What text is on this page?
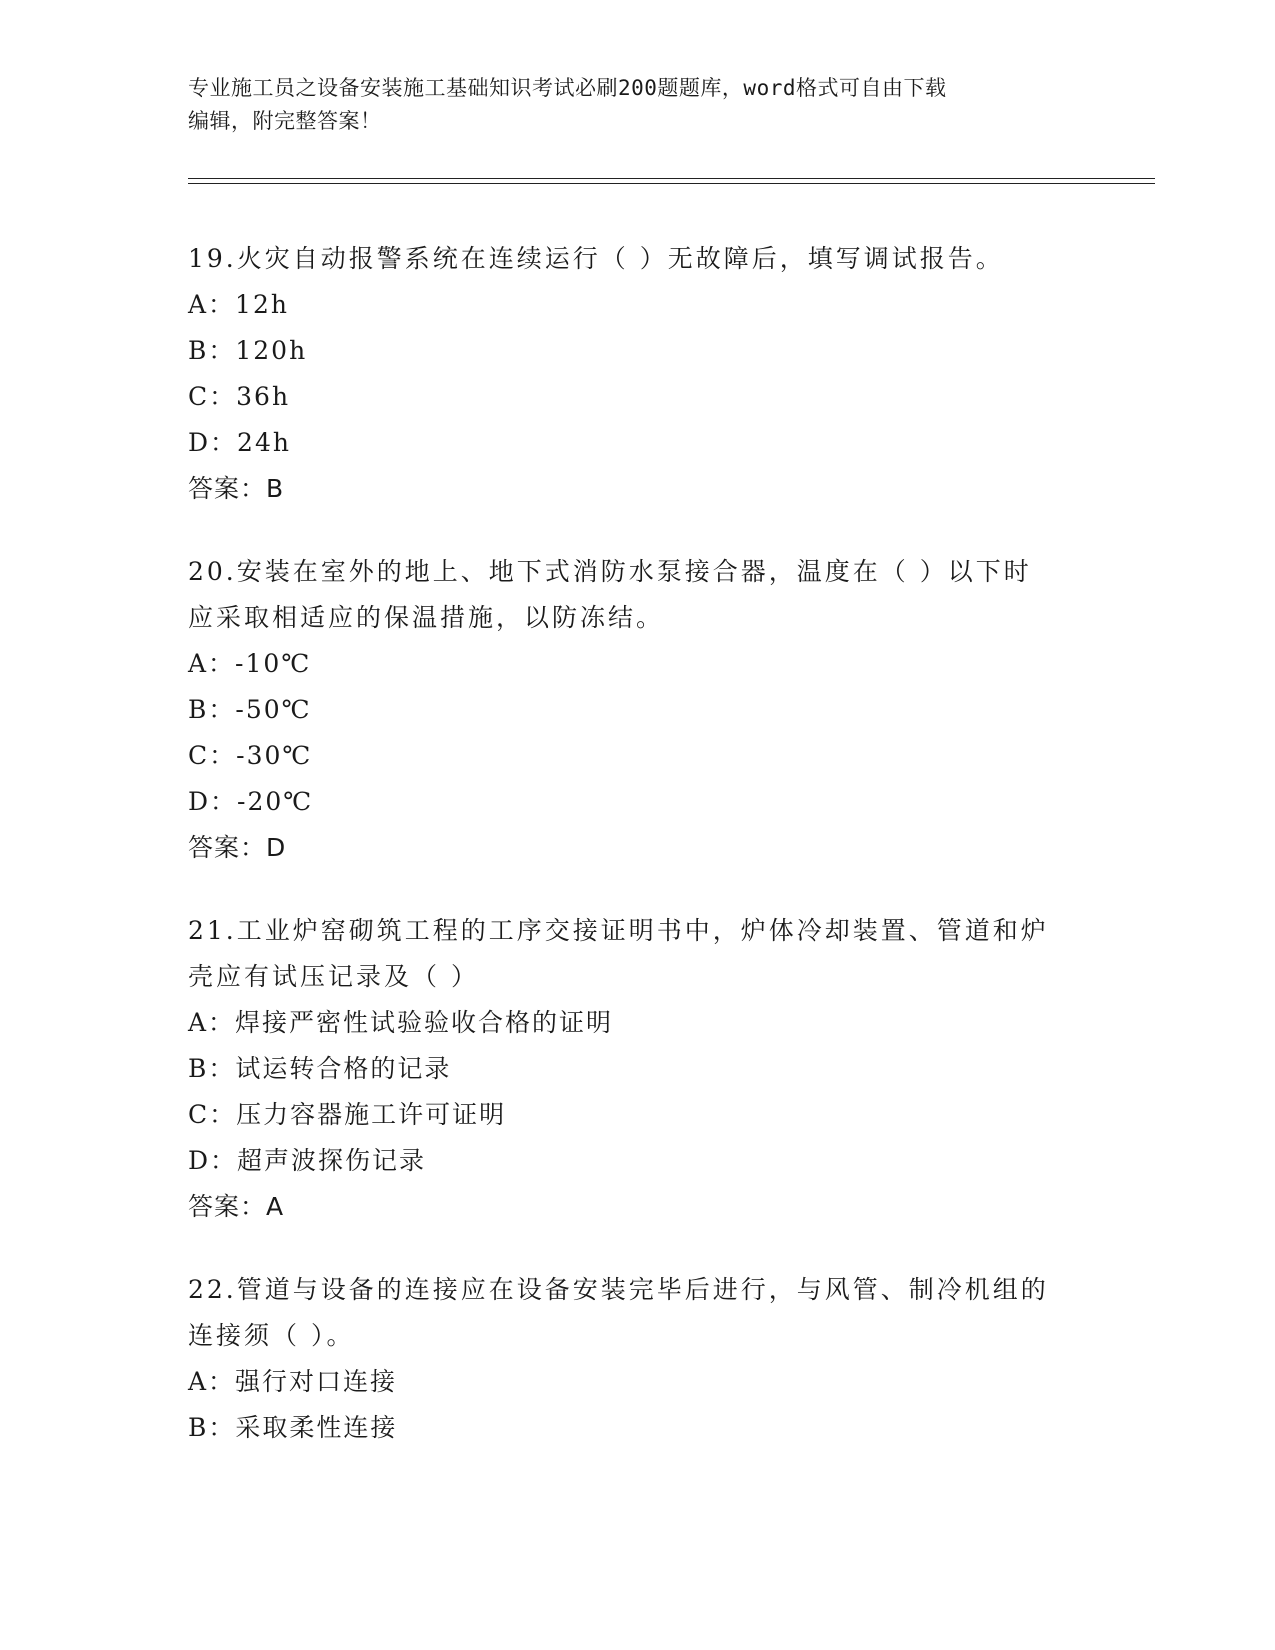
专业施工员之设备安装施工基础知识考试必刷200题题库，word格式可自由下载
编辑，附完整答案！
19.火灾自动报警系统在连续运行（ ）无故障后，填写调试报告。
A：12h
B：120h
C：36h
D：24h
答案：B
20.安装在室外的地上、地下式消防水泵接合器，温度在（ ）以下时
应采取相适应的保温措施，以防冻结。
A：-10℃
B：-50℃
C：-30℃
D：-20℃
答案：D
21.工业炉窑砌筑工程的工序交接证明书中，炉体冷却装置、管道和炉
壳应有试压记录及（ ）
A：焊接严密性试验验收合格的证明
B：试运转合格的记录
C：压力容器施工许可证明
D：超声波探伤记录
答案：A
22.管道与设备的连接应在设备安装完毕后进行，与风管、制冷机组的
连接须（ ）。
A：强行对口连接
B：采取柔性连接
